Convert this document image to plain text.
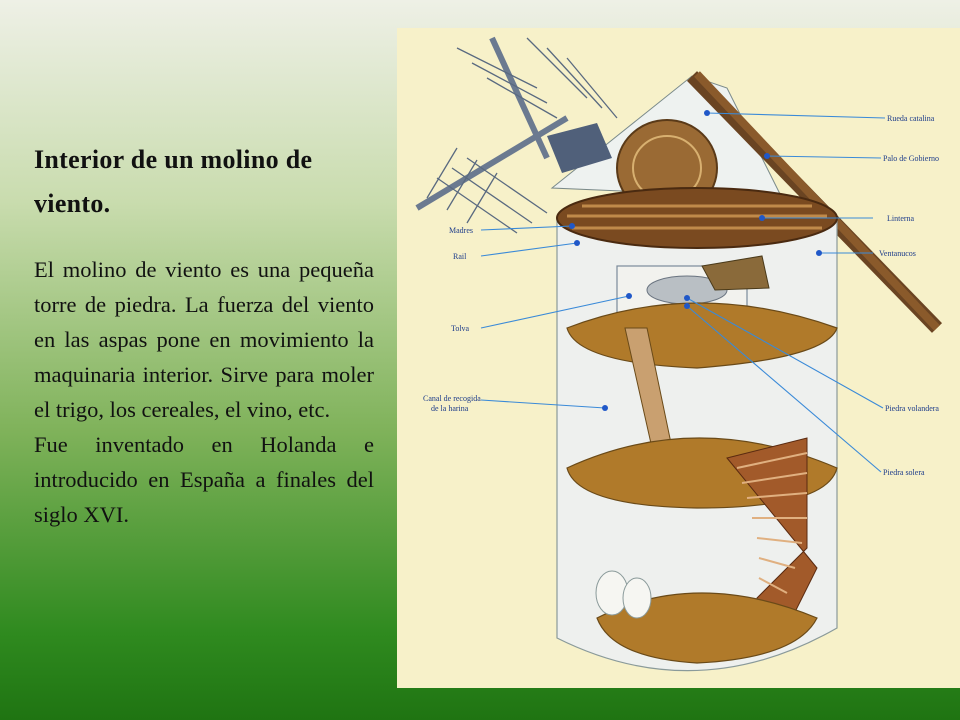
Interior de un molino de viento.

El molino de viento es una pequeña torre de piedra. La fuerza del viento en las aspas pone en movimiento la maquinaria interior. Sirve para moler el trigo, los cereales, el vino, etc.

Fue inventado en Holanda e introducido en España a finales del siglo XVI.

Rueda catalina
Palo de Gobierno
Linterna
Ventanucos
Madres
Rail
Tolva
Canal de recogida
de la harina	Piedra volandera
Piedra solera
